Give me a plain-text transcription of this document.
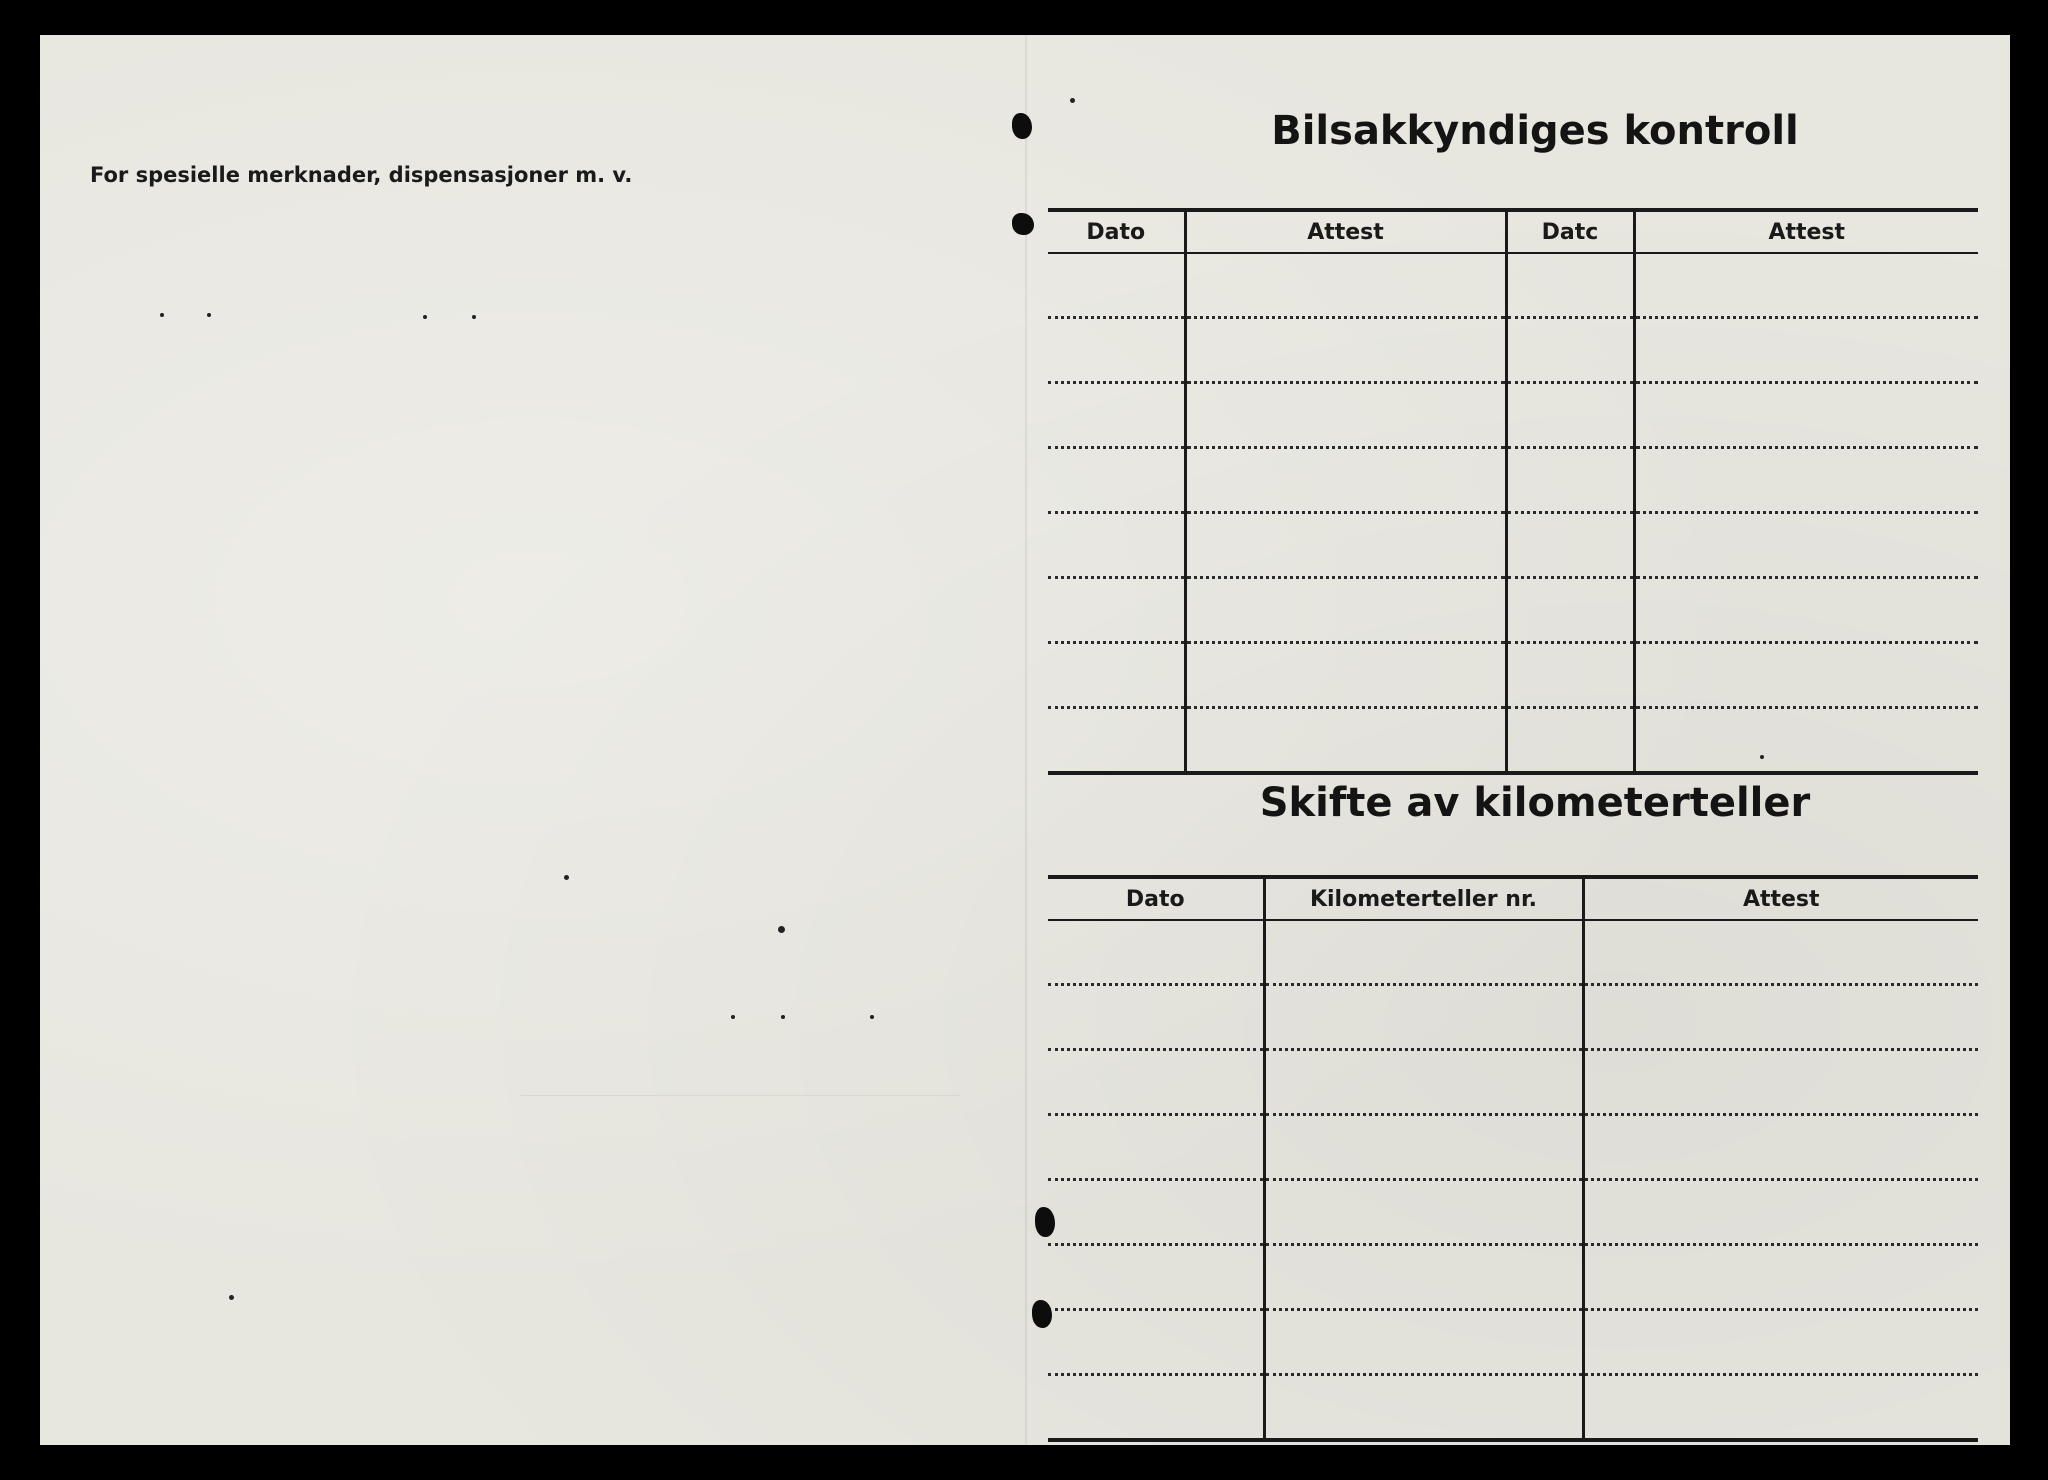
For spesielle merknader, dispensasjoner m. v.
Bilsakkyndiges kontroll
Dato	Attest	Datc	Attest

Skifte av kilometerteller
Dato	Kilometerteller nr.	Attest
